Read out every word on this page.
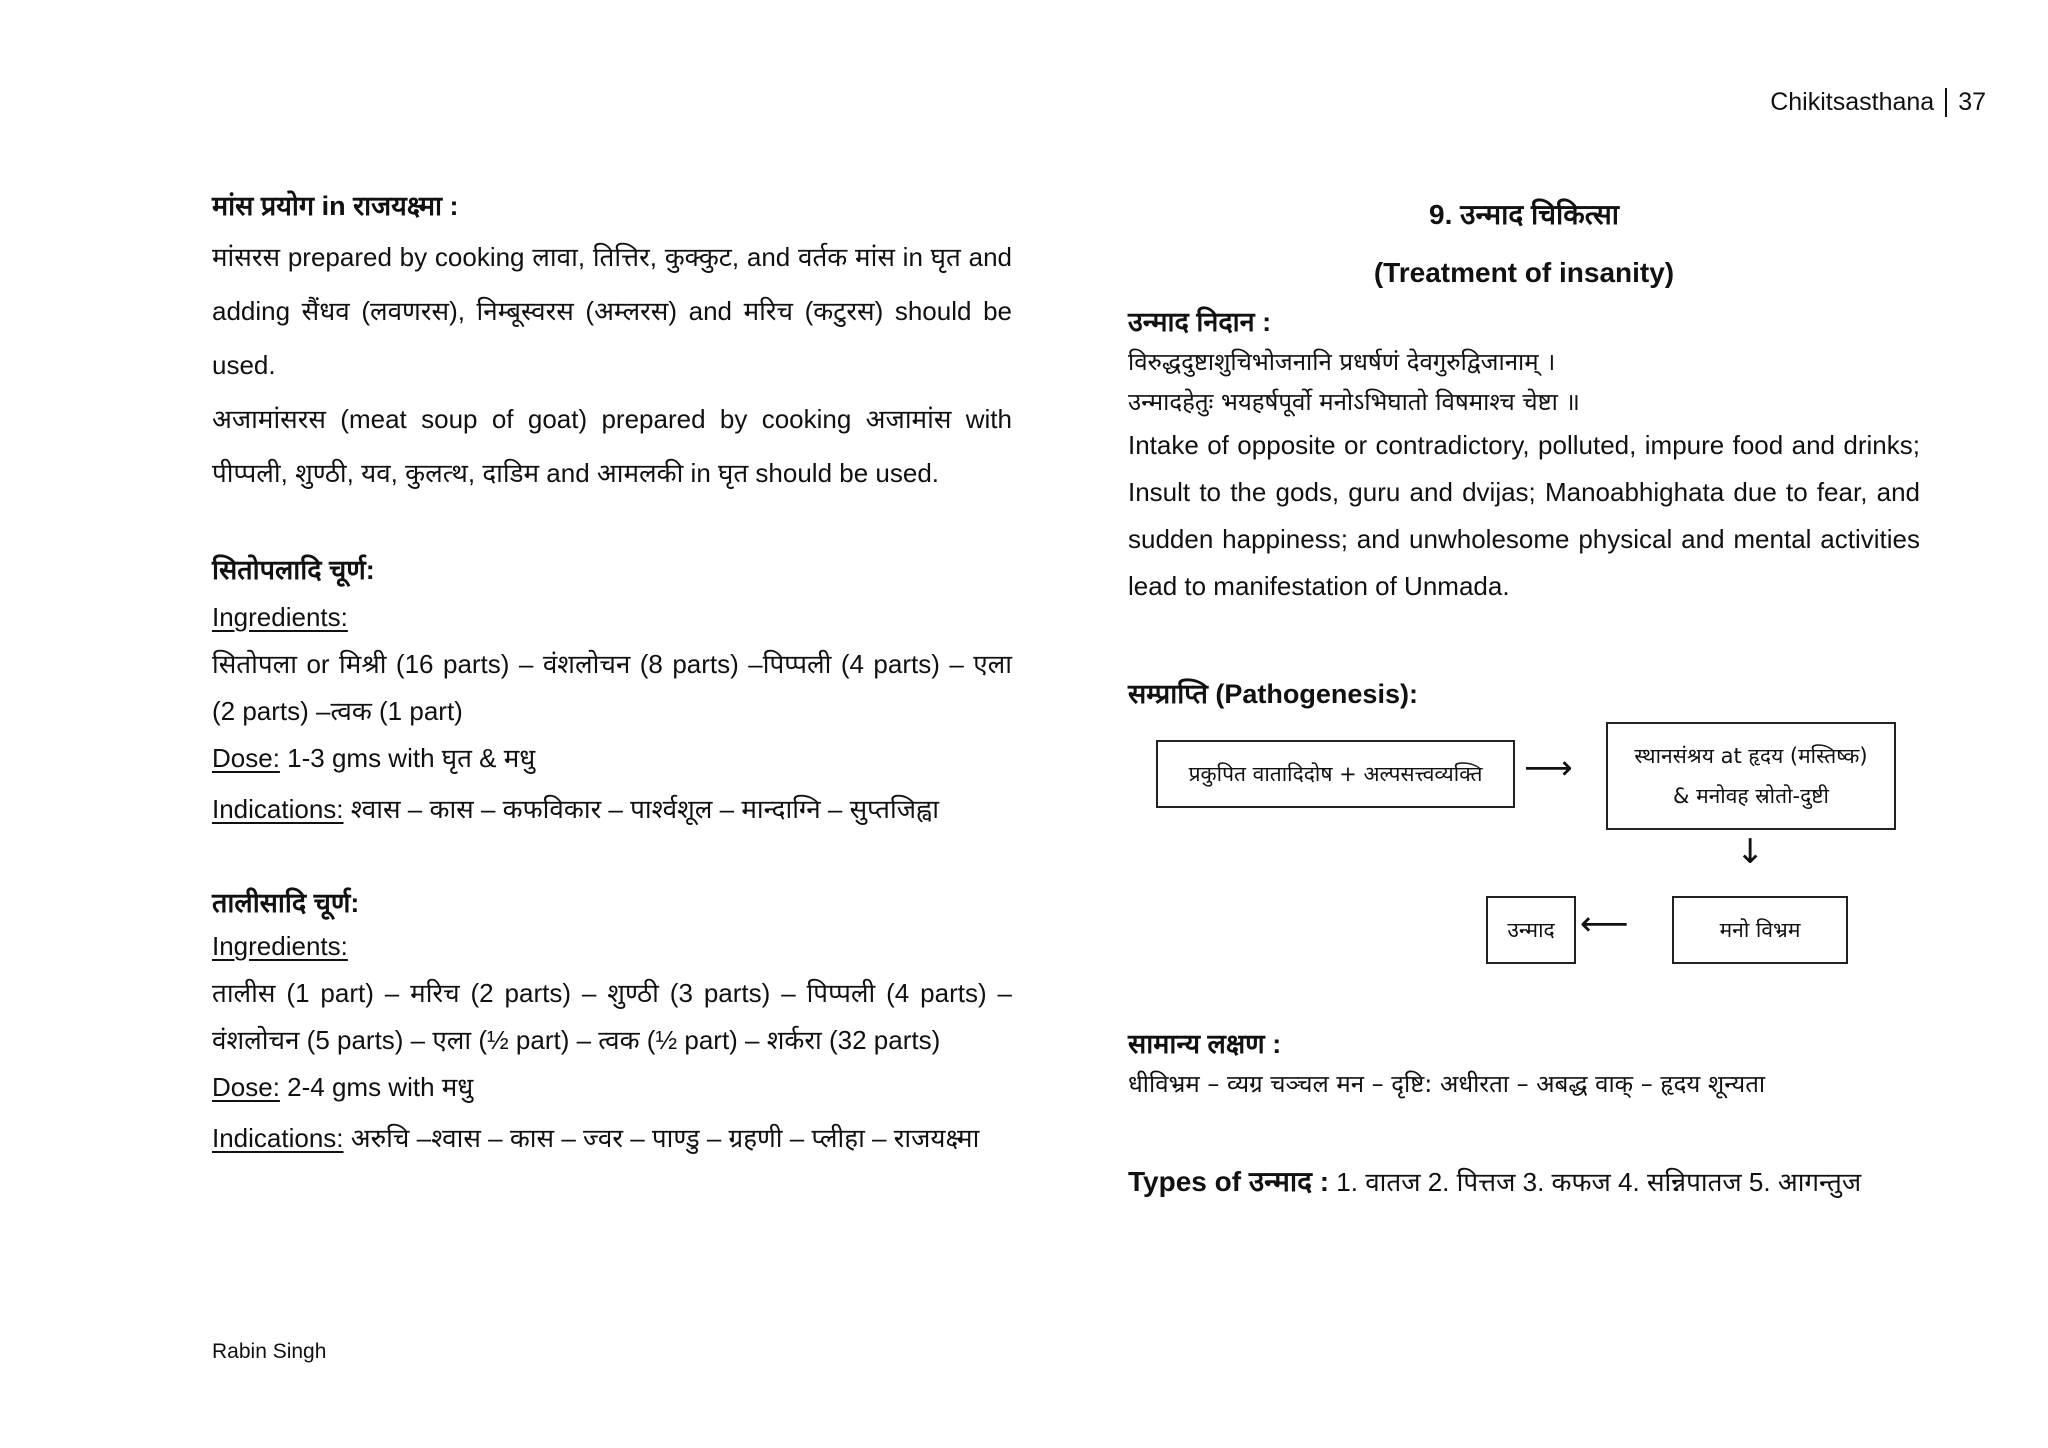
Chikitsasthana 37

मांस प्रयोग in राजयक्ष्मा :

मांसरस prepared by cooking लावा, तित्तिर, कुक्कुट, and वर्तक मांस in घृत and adding सैंधव (लवणरस), निम्बूस्वरस (अम्लरस) and मरिच (कटुरस) should be used.

अजामांसरस (meat soup of goat) prepared by cooking अजामांस with पीप्पली, शुण्ठी, यव, कुलत्थ, दाडिम and आमलकी in घृत should be used.

सितोपलादि चूर्ण:

Ingredients:

सितोपला or मिश्री (16 parts) – वंशलोचन (8 parts) –पिप्पली (4 parts) – एला (2 parts) –त्वक (1 part)

Dose: 1-3 gms with घृत & मधु

Indications: श्वास – कास – कफविकार – पार्श्वशूल – मान्दाग्नि – सुप्तजिह्वा

तालीसादि चूर्ण:

Ingredients:

तालीस (1 part) – मरिच (2 parts) – शुण्ठी (3 parts) – पिप्पली (4 parts) – वंशलोचन (5 parts) – एला (½ part) – त्वक (½ part) – शर्करा (32 parts)

Dose: 2-4 gms with मधु

Indications: अरुचि –श्वास – कास – ज्वर – पाण्डु – ग्रहणी – प्लीहा – राजयक्ष्मा

9. उन्माद चिकित्सा

(Treatment of insanity)

उन्माद निदान :

विरुद्धदुष्टाशुचिभोजनानि प्रधर्षणं देवगुरुद्विजानाम् ।

उन्मादहेतुः भयहर्षपूर्वो मनोऽभिघातो विषमाश्च चेष्टा ॥

Intake of opposite or contradictory, polluted, impure food and drinks; Insult to the gods, guru and dvijas; Manoabhighata due to fear, and sudden happiness; and unwholesome physical and mental activities lead to manifestation of Unmada.

सम्प्राप्ति (Pathogenesis):

प्रकुपित वातादिदोष + अल्पसत्त्वव्यक्ति ⟶	स्थानसंश्रय at हृदय (मस्तिष्क)
& मनोवह स्रोतो-दुष्टी
↓
मनो विभ्रम
⟵
उन्माद

सामान्य लक्षण :

धीविभ्रम – व्यग्र चञ्चल मन – दृष्टि: अधीरता – अबद्ध वाक् – हृदय शून्यता

Types of उन्माद : 1. वातज 2. पित्तज 3. कफज 4. सन्निपातज 5. आगन्तुज

Rabin Singh
